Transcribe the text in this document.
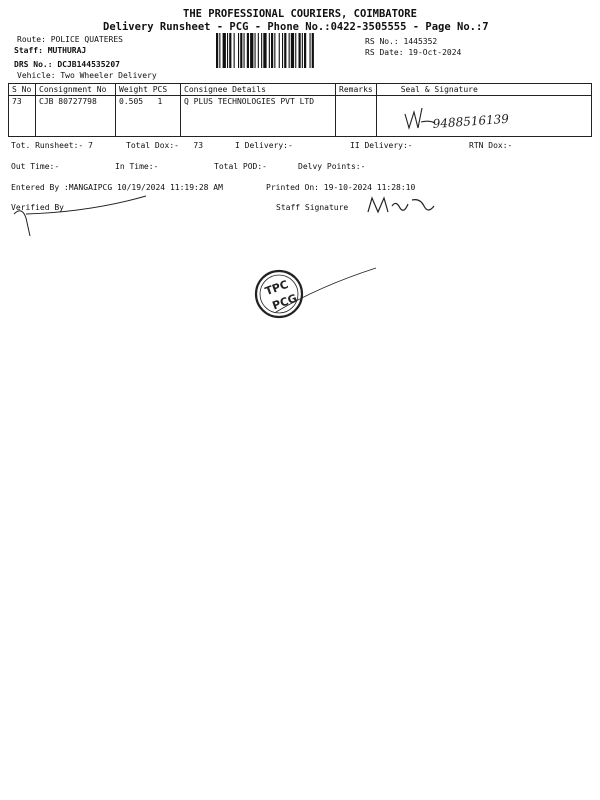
THE PROFESSIONAL COURIERS, COIMBATORE
Delivery Runsheet - PCG - Phone No.:0422-3505555 - Page No.:7
Route: POLICE QUATERES
Staff: MUTHURAJ
DRS No.: DCJB144535207
Vehicle: Two Wheeler Delivery
RS No.: 1445352
RS Date: 19-Oct-2024
S No	Consignment No	Weight PCS	Consignee Details	Remarks	Seal & Signature
73	CJB 80727798	0.505   1	Q PLUS TECHNOLOGIES PVT LTD		9488516139
Tot. Runsheet:- 7	Total Dox:-   73	I Delivery:-	II Delivery:-	RTN Dox:-
Out Time:-	In Time:-	Total POD:-	Delvy Points:-
Entered By :MANGAIPCG 10/19/2024 11:19:28 AM	Printed On: 19-10-2024 11:28:10
Verified By	Staff Signature
TPC
PCG
